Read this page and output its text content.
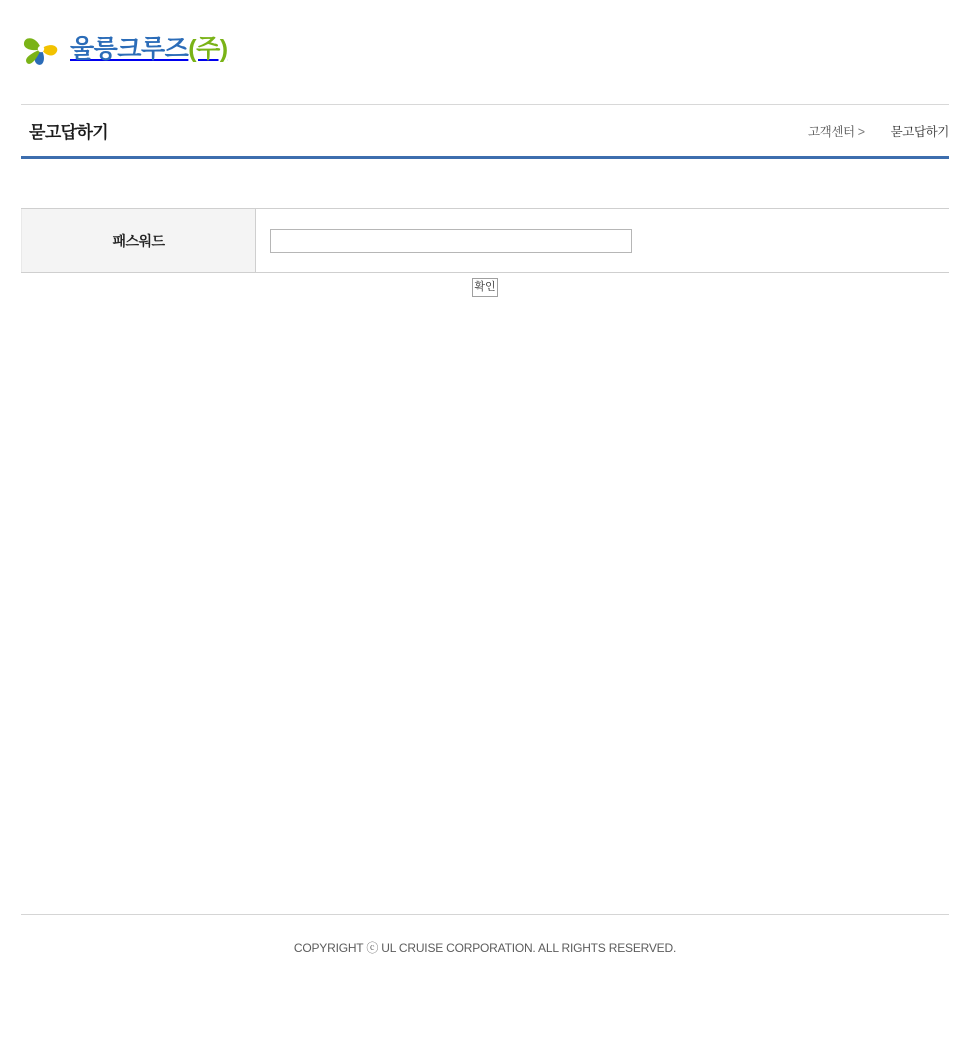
울릉크루즈(주)
묻고답하기	고객센터 > 묻고답하기
패스워드	
확인
COPYRIGHT ⓒ UL CRUISE CORPORATION. ALL RIGHTS RESERVED.
